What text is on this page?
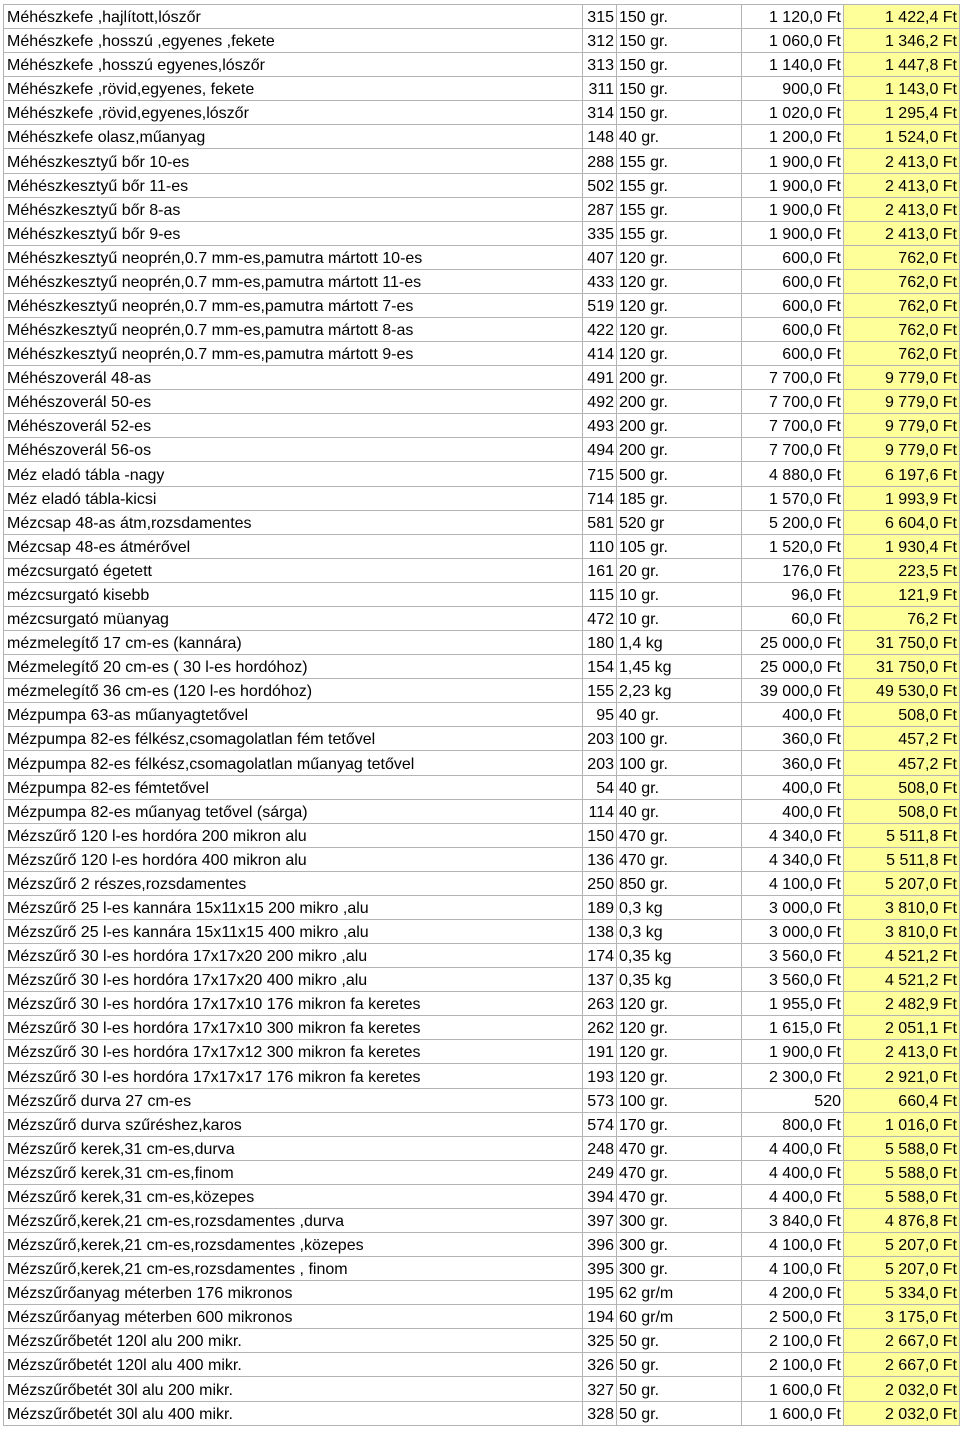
Méhészkefe ,hajlított,lószőr	315	150 gr.	1 120,0 Ft	1 422,4 Ft
Méhészkefe ,hosszú ,egyenes ,fekete	312	150 gr.	1 060,0 Ft	1 346,2 Ft
Méhészkefe ,hosszú egyenes,lószőr	313	150 gr.	1 140,0 Ft	1 447,8 Ft
Méhészkefe ,rövid,egyenes, fekete	311	150 gr.	900,0 Ft	1 143,0 Ft
Méhészkefe ,rövid,egyenes,lószőr	314	150 gr.	1 020,0 Ft	1 295,4 Ft
Méhészkefe olasz,műanyag	148	40 gr.	1 200,0 Ft	1 524,0 Ft
Méhészkesztyű bőr 10-es	288	155 gr.	1 900,0 Ft	2 413,0 Ft
Méhészkesztyű bőr 11-es	502	155 gr.	1 900,0 Ft	2 413,0 Ft
Méhészkesztyű bőr 8-as	287	155 gr.	1 900,0 Ft	2 413,0 Ft
Méhészkesztyű bőr 9-es	335	155 gr.	1 900,0 Ft	2 413,0 Ft
Méhészkesztyű neoprén,0.7 mm-es,pamutra mártott 10-es	407	120 gr.	600,0 Ft	762,0 Ft
Méhészkesztyű neoprén,0.7 mm-es,pamutra mártott 11-es	433	120 gr.	600,0 Ft	762,0 Ft
Méhészkesztyű neoprén,0.7 mm-es,pamutra mártott 7-es	519	120 gr.	600,0 Ft	762,0 Ft
Méhészkesztyű neoprén,0.7 mm-es,pamutra mártott 8-as	422	120 gr.	600,0 Ft	762,0 Ft
Méhészkesztyű neoprén,0.7 mm-es,pamutra mártott 9-es	414	120 gr.	600,0 Ft	762,0 Ft
Méhészoverál 48-as	491	200 gr.	7 700,0 Ft	9 779,0 Ft
Méhészoverál 50-es	492	200 gr.	7 700,0 Ft	9 779,0 Ft
Méhészoverál 52-es	493	200 gr.	7 700,0 Ft	9 779,0 Ft
Méhészoverál 56-os	494	200 gr.	7 700,0 Ft	9 779,0 Ft
Méz eladó tábla -nagy	715	500 gr.	4 880,0 Ft	6 197,6 Ft
Méz eladó tábla-kicsi	714	185 gr.	1 570,0 Ft	1 993,9 Ft
Mézcsap 48-as átm,rozsdamentes	581	520 gr	5 200,0 Ft	6 604,0 Ft
Mézcsap 48-es átmérővel	110	105 gr.	1 520,0 Ft	1 930,4 Ft
mézcsurgató égetett	161	20 gr.	176,0 Ft	223,5 Ft
mézcsurgató kisebb	115	10 gr.	96,0 Ft	121,9 Ft
mézcsurgató müanyag	472	10 gr.	60,0 Ft	76,2 Ft
mézmelegítő 17 cm-es (kannára)	180	1,4 kg	25 000,0 Ft	31 750,0 Ft
Mézmelegítő 20 cm-es ( 30 l-es hordóhoz)	154	1,45 kg	25 000,0 Ft	31 750,0 Ft
mézmelegítő 36 cm-es (120 l-es hordóhoz)	155	2,23 kg	39 000,0 Ft	49 530,0 Ft
Mézpumpa 63-as műanyagtetővel	95	40 gr.	400,0 Ft	508,0 Ft
Mézpumpa 82-es félkész,csomagolatlan fém tetővel	203	100 gr.	360,0 Ft	457,2 Ft
Mézpumpa 82-es félkész,csomagolatlan műanyag tetővel	203	100 gr.	360,0 Ft	457,2 Ft
Mézpumpa 82-es fémtetővel	54	40 gr.	400,0 Ft	508,0 Ft
Mézpumpa 82-es műanyag tetővel (sárga)	114	40 gr.	400,0 Ft	508,0 Ft
Mézszűrő 120 l-es hordóra 200 mikron alu	150	470 gr.	4 340,0 Ft	5 511,8 Ft
Mézszűrő 120 l-es hordóra 400 mikron alu	136	470 gr.	4 340,0 Ft	5 511,8 Ft
Mézszűrő 2 részes,rozsdamentes	250	850 gr.	4 100,0 Ft	5 207,0 Ft
Mézszűrő 25 l-es kannára 15x11x15 200 mikro ,alu	189	0,3 kg	3 000,0 Ft	3 810,0 Ft
Mézszűrő 25 l-es kannára 15x11x15 400 mikro ,alu	138	0,3 kg	3 000,0 Ft	3 810,0 Ft
Mézszűrő 30 l-es hordóra 17x17x20 200 mikro ,alu	174	0,35 kg	3 560,0 Ft	4 521,2 Ft
Mézszűrő 30 l-es hordóra 17x17x20 400 mikro ,alu	137	0,35 kg	3 560,0 Ft	4 521,2 Ft
Mézszűrő 30 l-es hordóra 17x17x10 176 mikron fa keretes	263	120 gr.	1 955,0 Ft	2 482,9 Ft
Mézszűrő 30 l-es hordóra 17x17x10 300 mikron fa keretes	262	120 gr.	1 615,0 Ft	2 051,1 Ft
Mézszűrő 30 l-es hordóra 17x17x12 300 mikron fa keretes	191	120 gr.	1 900,0 Ft	2 413,0 Ft
Mézszűrő 30 l-es hordóra 17x17x17 176 mikron fa keretes	193	120 gr.	2 300,0 Ft	2 921,0 Ft
Mézszűrő durva 27 cm-es	573	100 gr.	520	660,4 Ft
Mézszűrő durva szűréshez,karos	574	170 gr.	800,0 Ft	1 016,0 Ft
Mézszűrő kerek,31 cm-es,durva	248	470 gr.	4 400,0 Ft	5 588,0 Ft
Mézszűrő kerek,31 cm-es,finom	249	470 gr.	4 400,0 Ft	5 588,0 Ft
Mézszűrő kerek,31 cm-es,közepes	394	470 gr.	4 400,0 Ft	5 588,0 Ft
Mézszűrő,kerek,21 cm-es,rozsdamentes ,durva	397	300 gr.	3 840,0 Ft	4 876,8 Ft
Mézszűrő,kerek,21 cm-es,rozsdamentes ,közepes	396	300 gr.	4 100,0 Ft	5 207,0 Ft
Mézszűrő,kerek,21 cm-es,rozsdamentes , finom	395	300 gr.	4 100,0 Ft	5 207,0 Ft
Mézszűrőanyag méterben 176 mikronos	195	62 gr/m	4 200,0 Ft	5 334,0 Ft
Mézszűrőanyag méterben 600 mikronos	194	60 gr/m	2 500,0 Ft	3 175,0 Ft
Mézszűrőbetét 120l alu 200 mikr.	325	50 gr.	2 100,0 Ft	2 667,0 Ft
Mézszűrőbetét 120l alu 400 mikr.	326	50 gr.	2 100,0 Ft	2 667,0 Ft
Mézszűrőbetét 30l alu 200 mikr.	327	50 gr.	1 600,0 Ft	2 032,0 Ft
Mézszűrőbetét 30l alu 400 mikr.	328	50 gr.	1 600,0 Ft	2 032,0 Ft
